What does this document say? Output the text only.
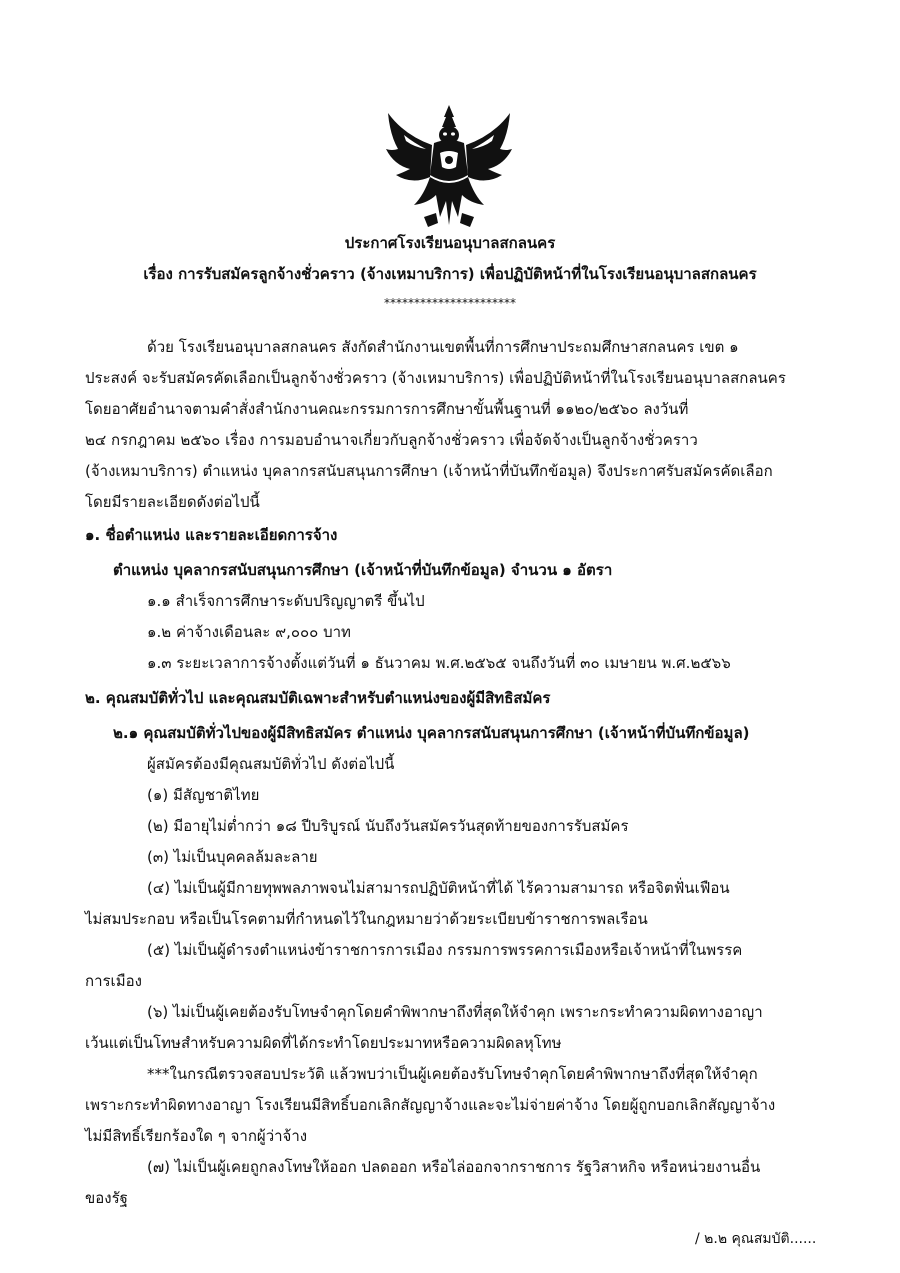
ประกาศโรงเรียนอนุบาลสกลนคร
เรื่อง การรับสมัครลูกจ้างชั่วคราว (จ้างเหมาบริการ) เพื่อปฏิบัติหน้าที่ในโรงเรียนอนุบาลสกลนคร
**********************
ด้วย โรงเรียนอนุบาลสกลนคร สังกัดสำนักงานเขตพื้นที่การศึกษาประถมศึกษาสกลนคร เขต ๑
ประสงค์ จะรับสมัครคัดเลือกเป็นลูกจ้างชั่วคราว (จ้างเหมาบริการ) เพื่อปฏิบัติหน้าที่ในโรงเรียนอนุบาลสกลนคร
โดยอาศัยอำนาจตามคำสั่งสำนักงานคณะกรรมการการศึกษาขั้นพื้นฐานที่ ๑๑๒๐/๒๕๖๐ ลงวันที่
๒๔ กรกฎาคม ๒๕๖๐ เรื่อง การมอบอำนาจเกี่ยวกับลูกจ้างชั่วคราว เพื่อจัดจ้างเป็นลูกจ้างชั่วคราว
(จ้างเหมาบริการ) ตำแหน่ง บุคลากรสนับสนุนการศึกษา (เจ้าหน้าที่บันทึกข้อมูล) จึงประกาศรับสมัครคัดเลือก
โดยมีรายละเอียดดังต่อไปนี้
๑. ชื่อตำแหน่ง และรายละเอียดการจ้าง
ตำแหน่ง บุคลากรสนับสนุนการศึกษา (เจ้าหน้าที่บันทึกข้อมูล) จำนวน ๑ อัตรา
๑.๑ สำเร็จการศึกษาระดับปริญญาตรี ขึ้นไป
๑.๒ ค่าจ้างเดือนละ ๙,๐๐๐ บาท
๑.๓ ระยะเวลาการจ้างตั้งแต่วันที่ ๑ ธันวาคม พ.ศ.๒๕๖๕ จนถึงวันที่ ๓๐ เมษายน พ.ศ.๒๕๖๖
๒. คุณสมบัติทั่วไป และคุณสมบัติเฉพาะสำหรับตำแหน่งของผู้มีสิทธิสมัคร
๒.๑ คุณสมบัติทั่วไปของผู้มีสิทธิสมัคร ตำแหน่ง บุคลากรสนับสนุนการศึกษา (เจ้าหน้าที่บันทึกข้อมูล)
ผู้สมัครต้องมีคุณสมบัติทั่วไป ดังต่อไปนี้
(๑) มีสัญชาติไทย
(๒) มีอายุไม่ต่ำกว่า ๑๘ ปีบริบูรณ์ นับถึงวันสมัครวันสุดท้ายของการรับสมัคร
(๓) ไม่เป็นบุคคลล้มละลาย
(๔) ไม่เป็นผู้มีกายทุพพลภาพจนไม่สามารถปฏิบัติหน้าที่ได้ ไร้ความสามารถ หรือจิตฟั่นเฟือน
ไม่สมประกอบ หรือเป็นโรคตามที่กำหนดไว้ในกฎหมายว่าด้วยระเบียบข้าราชการพลเรือน
(๕) ไม่เป็นผู้ดำรงตำแหน่งข้าราชการการเมือง กรรมการพรรคการเมืองหรือเจ้าหน้าที่ในพรรค
การเมือง
(๖) ไม่เป็นผู้เคยต้องรับโทษจำคุกโดยคำพิพากษาถึงที่สุดให้จำคุก เพราะกระทำความผิดทางอาญา
เว้นแต่เป็นโทษสำหรับความผิดที่ได้กระทำโดยประมาทหรือความผิดลหุโทษ
***ในกรณีตรวจสอบประวัติ แล้วพบว่าเป็นผู้เคยต้องรับโทษจำคุกโดยคำพิพากษาถึงที่สุดให้จำคุก
เพราะกระทำผิดทางอาญา โรงเรียนมีสิทธิ์บอกเลิกสัญญาจ้างและจะไม่จ่ายค่าจ้าง โดยผู้ถูกบอกเลิกสัญญาจ้าง
ไม่มีสิทธิ์เรียกร้องใด ๆ จากผู้ว่าจ้าง
(๗) ไม่เป็นผู้เคยถูกลงโทษให้ออก ปลดออก หรือไล่ออกจากราชการ รัฐวิสาหกิจ หรือหน่วยงานอื่น
ของรัฐ
/ ๒.๒ คุณสมบัติ......
